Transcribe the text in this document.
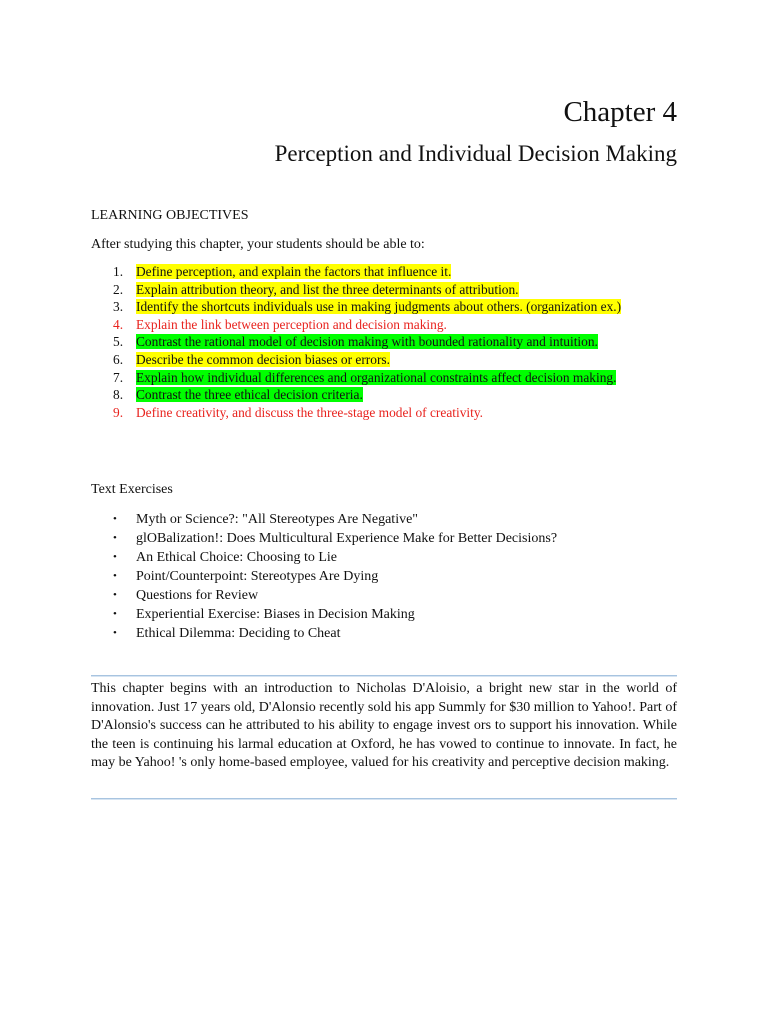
Chapter 4
Perception and Individual Decision Making
LEARNING OBJECTIVES

After studying this chapter, your students should be able to:

1. Define perception, and explain the factors that influence it.
2. Explain attribution theory, and list the three determinants of attribution.
3. Identify the shortcuts individuals use in making judgments about others. (organization ex.)
4. Explain the link between perception and decision making.
5. Contrast the rational model of decision making with bounded rationality and intuition.
6. Describe the common decision biases or errors.
7. Explain how individual differences and organizational constraints affect decision making.
8. Contrast the three ethical decision criteria.
9. Define creativity, and discuss the three-stage model of creativity.
Text Exercises
• Myth or Science?: "All Stereotypes Are Negative"
• glOBalization!: Does Multicultural Experience Make for Better Decisions?
• An Ethical Choice: Choosing to Lie
• Point/Counterpoint: Stereotypes Are Dying
• Questions for Review
• Experiential Exercise: Biases in Decision Making
• Ethical Dilemma: Deciding to Cheat

This chapter begins with an introduction to Nicholas D'Aloisio, a bright new star in the world of innovation. Just 17 years old, D'Alonsio recently sold his app Summly for $30 million to Yahoo!. Part of D'Alonsio's success can he attributed to his ability to engage invest ors to support his innovation. While the teen is continuing his larmal education at Oxford, he has vowed to continue to innovate. In fact, he may be Yahoo! 's only home-based employee, valued for his creativity and perceptive decision making.
